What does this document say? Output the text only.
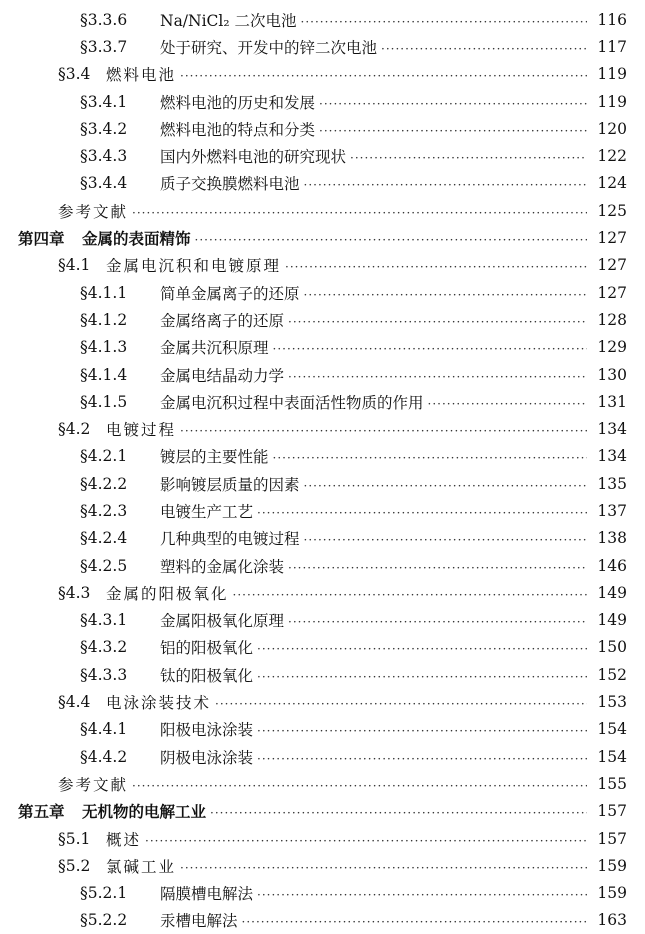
§3.3.6	Na/NiCl₂ 二次电池 ·····	116
§3.3.7	处于研究、开发中的锌二次电池 ·····	117
§3.4	燃料电池 ·····	119
§3.4.1	燃料电池的历史和发展 ·····	119
§3.4.2	燃料电池的特点和分类 ·····	120
§3.4.3	国内外燃料电池的研究现状 ·····	122
§3.4.4	质子交换膜燃料电池 ·····	124
参考文献 ·····	125
第四章	金属的表面精饰 ·····	127
§4.1	金属电沉积和电镀原理 ·····	127
§4.1.1	简单金属离子的还原 ·····	127
§4.1.2	金属络离子的还原 ·····	128
§4.1.3	金属共沉积原理 ·····	129
§4.1.4	金属电结晶动力学 ·····	130
§4.1.5	金属电沉积过程中表面活性物质的作用 ·····	131
§4.2	电镀过程 ·····	134
§4.2.1	镀层的主要性能 ·····	134
§4.2.2	影响镀层质量的因素 ·····	135
§4.2.3	电镀生产工艺 ·····	137
§4.2.4	几种典型的电镀过程 ·····	138
§4.2.5	塑料的金属化涂装 ·····	146
§4.3	金属的阳极氧化 ·····	149
§4.3.1	金属阳极氧化原理 ·····	149
§4.3.2	铝的阳极氧化 ·····	150
§4.3.3	钛的阳极氧化 ·····	152
§4.4	电泳涂装技术 ·····	153
§4.4.1	阳极电泳涂装 ·····	154
§4.4.2	阴极电泳涂装 ·····	154
参考文献 ·····	155
第五章	无机物的电解工业 ·····	157
§5.1	概述 ·····	157
§5.2	氯碱工业 ·····	159
§5.2.1	隔膜槽电解法 ·····	159
§5.2.2	汞槽电解法 ·····	163
